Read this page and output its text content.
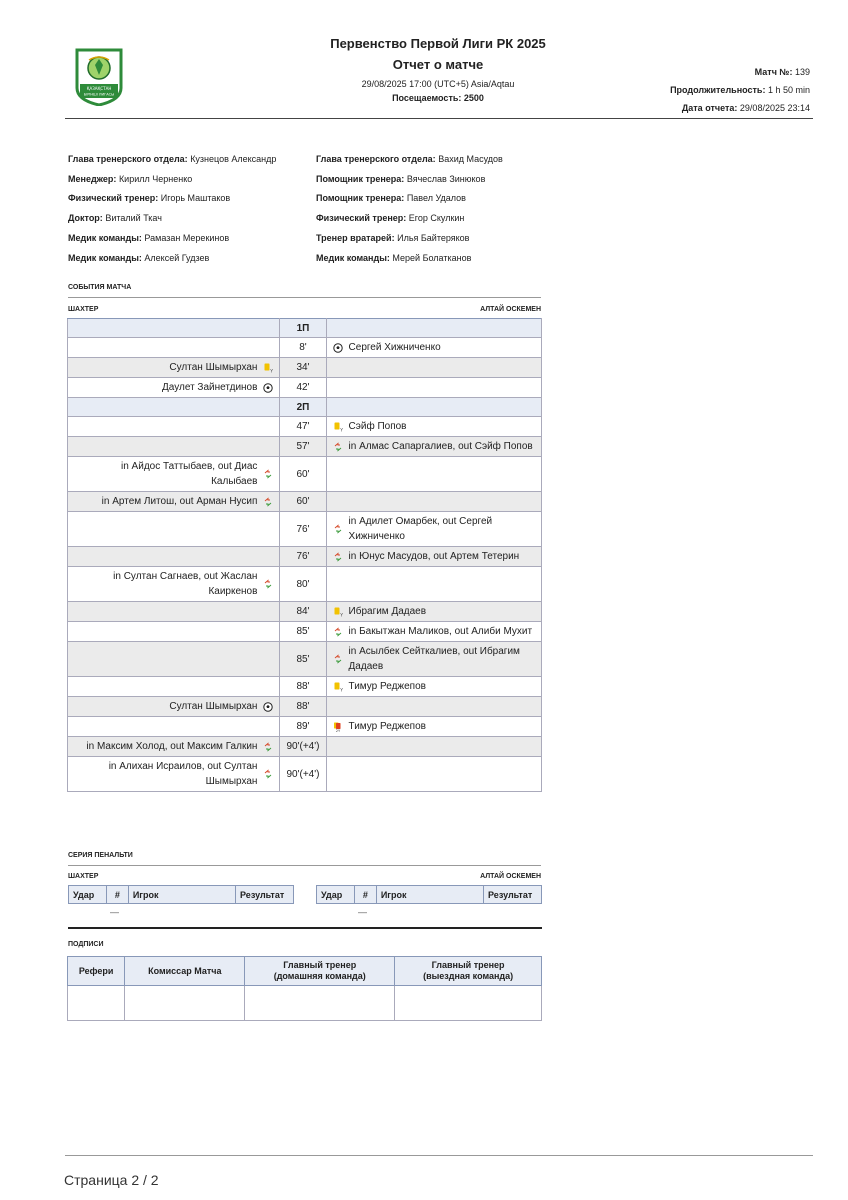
ҚАЗАҚСТАН
БІРІНШІ ЛИГАСЫ
Первенство Первой Лиги РК 2025
Отчет о матче
29/08/2025 17:00 (UTC+5) Asia/Aqtau
Посещаемость: 2500
Матч №: 139
Продолжительность: 1 h 50 min
Дата отчета: 29/08/2025 23:14
Глава тренерского отдела: Кузнецов Александр
Менеджер: Кирилл Черненко
Физический тренер: Игорь Маштаков
Доктор: Виталий Ткач
Медик команды: Рамазан Мерекинов
Медик команды: Алексей Гудзев
Глава тренерского отдела: Вахид Масудов
Помощник тренера: Вячеслав Зинюков
Помощник тренера: Павел Удалов
Физический тренер: Егор Скулкин
Тренер вратарей: Илья Байтеряков
Медик команды: Мерей Болатканов
СОБЫТИЯ МАТЧА
ШАХТЕР	АЛТАЙ ОСКЕМЕН
	1П	
	8'	Сергей Хижниченко

Султан Шымырхан Y	34'	

Даулет Зайнетдинов	42'	
	2П	
	47'	Y Сэйф Попов

	57'	in Алмас Сапаргалиев, out Сэйф Попов

in Айдос Таттыбаев, out Диас Калыбаев	60'	

in Артем Литош, out Арман Нусип	60'	
	76'	in Адилет Омарбек, out Сергей Хижниченко

	76'	in Юнус Масудов, out Артем Тетерин

in Султан Сагнаев, out Жаслан Каиркенов	80'	
	84'	Y Ибрагим Дадаев

	85'	in Бакытжан Маликов, out Алиби Мухит

	85'	in Асылбек Сейткалиев, out Ибрагим Дадаев

	88'	Y Тимур Реджепов

Султан Шымырхан	88'	
	89'	2Y Тимур Реджепов

in Максим Холод, out Максим Галкин	90'(+4')	

in Алихан Исраилов, out Султан Шымырхан	90'(+4')	
СЕРИЯ ПЕНАЛЬТИ
ШАХТЕР	АЛТАЙ ОСКЕМЕН
Удар	#	Игрок	Результат	Удар	#	Игрок	Результат
—	—
ПОДПИСИ
Рефери	Комиссар Матча	Главный тренер
(домашняя команда)	Главный тренер
(выездная команда)

Страница 2 / 2
